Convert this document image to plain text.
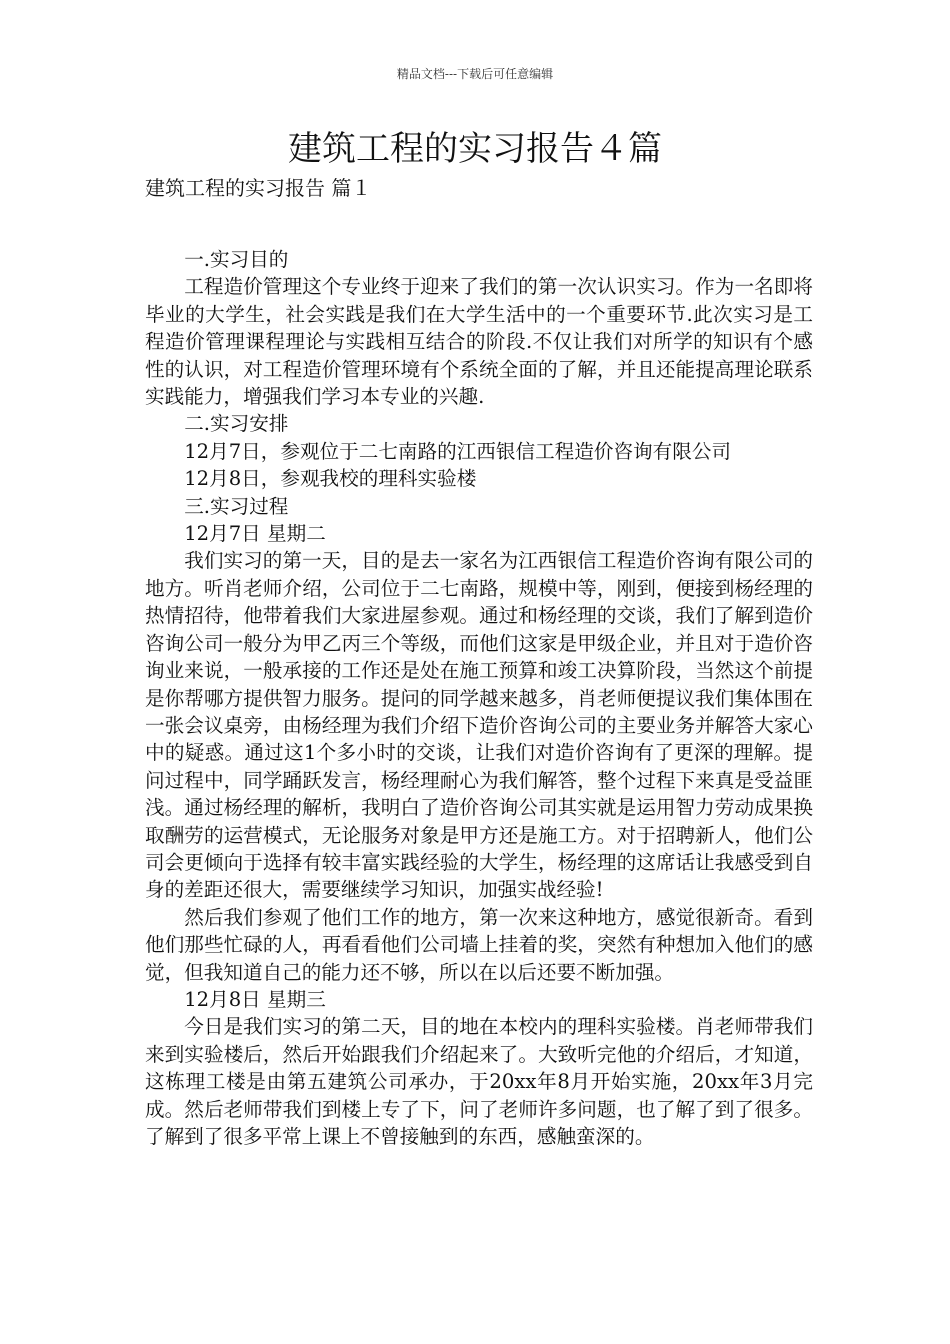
精品文档---下载后可任意编辑
建筑工程的实习报告４篇
建筑工程的实习报告 篇１

一.实习目的

工程造价管理这个专业终于迎来了我们的第一次认识实习。作为一名即将毕业的大学生，社会实践是我们在大学生活中的一个重要环节.此次实习是工程造价管理课程理论与实践相互结合的阶段.不仅让我们对所学的知识有个感性的认识，对工程造价管理环境有个系统全面的了解，并且还能提高理论联系实践能力，增强我们学习本专业的兴趣.

二.实习安排

12月7日，参观位于二七南路的江西银信工程造价咨询有限公司

12月8日，参观我校的理科实验楼

三.实习过程

12月7日 星期二

我们实习的第一天，目的是去一家名为江西银信工程造价咨询有限公司的地方。听肖老师介绍，公司位于二七南路，规模中等，刚到，便接到杨经理的热情招待，他带着我们大家进屋参观。通过和杨经理的交谈，我们了解到造价咨询公司一般分为甲乙丙三个等级，而他们这家是甲级企业，并且对于造价咨询业来说，一般承接的工作还是处在施工预算和竣工决算阶段，当然这个前提是你帮哪方提供智力服务。提问的同学越来越多，肖老师便提议我们集体围在一张会议桌旁，由杨经理为我们介绍下造价咨询公司的主要业务并解答大家心中的疑惑。通过这1个多小时的交谈，让我们对造价咨询有了更深的理解。提问过程中，同学踊跃发言，杨经理耐心为我们解答，整个过程下来真是受益匪浅。通过杨经理的解析，我明白了造价咨询公司其实就是运用智力劳动成果换取酬劳的运营模式，无论服务对象是甲方还是施工方。对于招聘新人，他们公司会更倾向于选择有较丰富实践经验的大学生，杨经理的这席话让我感受到自身的差距还很大，需要继续学习知识，加强实战经验!

然后我们参观了他们工作的地方，第一次来这种地方，感觉很新奇。看到他们那些忙碌的人，再看看他们公司墙上挂着的奖，突然有种想加入他们的感觉，但我知道自己的能力还不够，所以在以后还要不断加强。

12月8日 星期三

今日是我们实习的第二天，目的地在本校内的理科实验楼。肖老师带我们来到实验楼后，然后开始跟我们介绍起来了。大致听完他的介绍后，才知道，这栋理工楼是由第五建筑公司承办，于20xx年8月开始实施，20xx年3月完成。然后老师带我们到楼上专了下，问了老师许多问题，也了解了到了很多。了解到了很多平常上课上不曾接触到的东西，感触蛮深的。
